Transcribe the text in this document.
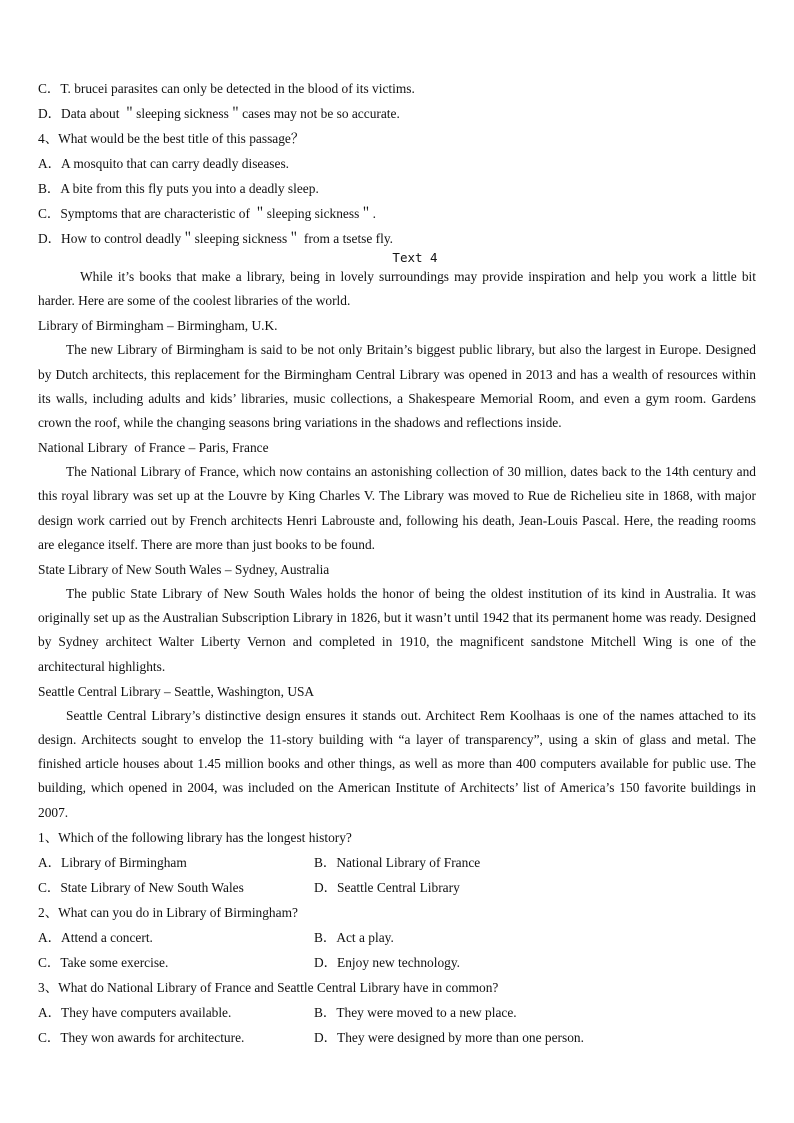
C．T. brucei parasites can only be detected in the blood of its victims.
D．Data about ＂sleeping sickness＂cases may not be so accurate.
4、What would be the best title of this passage？
A．A mosquito that can carry deadly diseases.
B．A bite from this fly puts you into a deadly sleep.
C．Symptoms that are characteristic of ＂sleeping sickness＂.
D．How to control deadly＂sleeping sickness＂ from a tsetse fly.
Text 4
While it’s books that make a library, being in lovely surroundings may provide inspiration and help you work a little bit harder. Here are some of the coolest libraries of the world.
Library of Birmingham – Birmingham, U.K.
The new Library of Birmingham is said to be not only Britain’s biggest public library, but also the largest in Europe. Designed by Dutch architects, this replacement for the Birmingham Central Library was opened in 2013 and has a wealth of resources within its walls, including adults and kids’ libraries, music collections, a Shakespeare Memorial Room, and even a gym room. Gardens crown the roof, while the changing seasons bring variations in the shadows and reflections inside.
National Library  of France – Paris, France
The National Library of France, which now contains an astonishing collection of 30 million, dates back to the 14th century and this royal library was set up at the Louvre by King Charles V. The Library was moved to Rue de Richelieu site in 1868, with major design work carried out by French architects Henri Labrouste and, following his death, Jean-Louis Pascal. Here, the reading rooms are elegance itself. There are more than just books to be found.
State Library of New South Wales – Sydney, Australia
The public State Library of New South Wales holds the honor of being the oldest institution of its kind in Australia. It was originally set up as the Australian Subscription Library in 1826, but it wasn’t until 1942 that its permanent home was ready. Designed by Sydney architect Walter Liberty Vernon and completed in 1910, the magnificent sandstone Mitchell Wing is one of the architectural highlights.
Seattle Central Library – Seattle, Washington, USA
Seattle Central Library’s distinctive design ensures it stands out. Architect Rem Koolhaas is one of the names attached to its design. Architects sought to envelop the 11-story building with “a layer of transparency”, using a skin of glass and metal. The finished article houses about 1.45 million books and other things, as well as more than 400 computers available for public use. The building, which opened in 2004, was included on the American Institute of Architects’ list of America’s 150 favorite buildings in 2007.
1、Which of the following library has the longest history?
A．Library of Birmingham	B．National Library of France
C．State Library of New South Wales	D．Seattle Central Library
2、What can you do in Library of Birmingham?
A．Attend a concert.	B．Act a play.
C．Take some exercise.	D．Enjoy new technology.
3、What do National Library of France and Seattle Central Library have in common?
A．They have computers available.	B．They were moved to a new place.
C．They won awards for architecture.	D．They were designed by more than one person.
